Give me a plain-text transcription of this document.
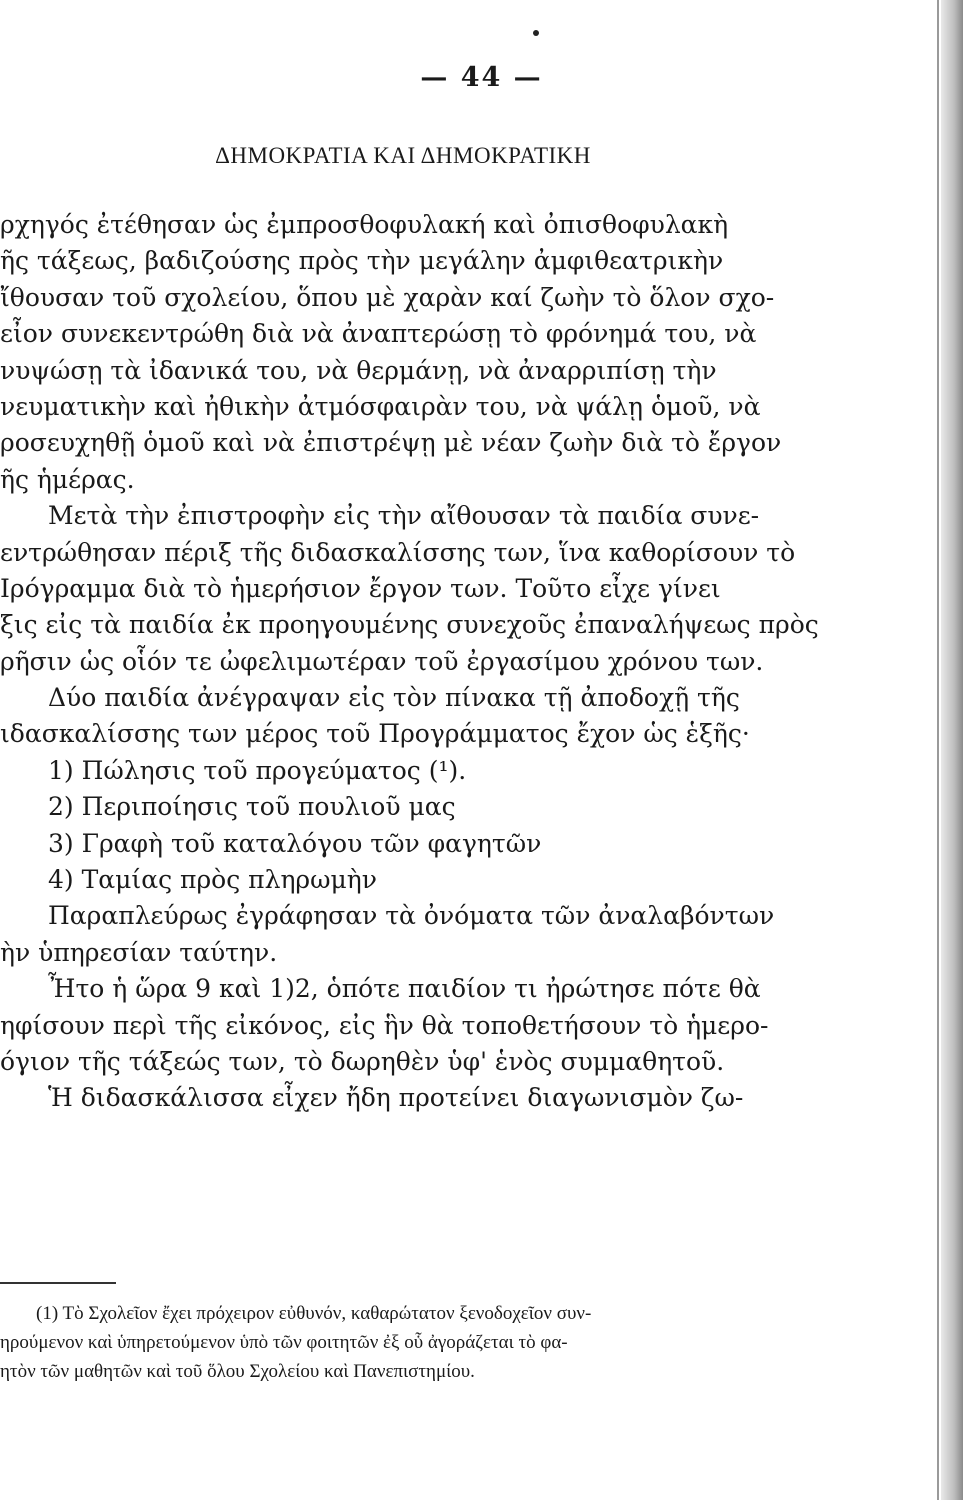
— 44 —
ΔΗΜΟΚΡΑΤΙΑ ΚΑΙ ΔΗΜΟΚΡΑΤΙΚΗ
ρχηγός ἐτέθησαν ὡς ἐμπροσθοφυλακή καὶ ὀπισθοφυλακὴ
ῆς τάξεως, βαδιζούσης πρὸς τὴν μεγάλην ἀμφιθεατρικὴν
ἴθουσαν τοῦ σχολείου, ὅπου μὲ χαρὰν καί ζωὴν τὸ ὅλον σχο-
εἶον συνεκεντρώθη διὰ νὰ ἀναπτερώσῃ τὸ φρόνημά του, νὰ
νυψώσῃ τὰ ἰδανικά του, νὰ θερμάνῃ, νὰ ἀναρριπίσῃ τὴν
νευματικὴν καὶ ἠθικὴν ἀτμόσφαιρὰν του, νὰ ψάλῃ ὁμοῦ, νὰ
ροσευχηθῇ ὁμοῦ καὶ νὰ ἐπιστρέψῃ μὲ νέαν ζωὴν διὰ τὸ ἔργον
ῆς ἡμέρας.
Μετὰ τὴν ἐπιστροφὴν εἰς τὴν αἴθουσαν τὰ παιδία συνε-
εντρώθησαν πέριξ τῆς διδασκαλίσσης των, ἵνα καθορίσουν τὸ
Ιρόγραμμα διὰ τὸ ἡμερήσιον ἔργον των. Τοῦτο εἶχε γίνει
ξις εἰς τὰ παιδία ἐκ προηγουμένης συνεχοῦς ἐπαναλήψεως πρὸς
ρῆσιν ὡς οἷόν τε ὠφελιμωτέραν τοῦ ἐργασίμου χρόνου των.
Δύο παιδία ἀνέγραψαν εἰς τὸν πίνακα τῇ ἀποδοχῇ τῆς
ιδασκαλίσσης των μέρος τοῦ Προγράμματος ἔχον ὡς ἑξῆς·
1) Πώλησις τοῦ προγεύματος (¹).
2) Περιποίησις τοῦ πουλιοῦ μας
3) Γραφὴ τοῦ καταλόγου τῶν φαγητῶν
4) Ταμίας πρὸς πληρωμὴν
Παραπλεύρως ἐγράφησαν τὰ ὀνόματα τῶν ἀναλαβόντων
ὴν ὑπηρεσίαν ταύτην.
Ἦτο ἡ ὥρα 9 καὶ 1)2, ὁπότε παιδίον τι ἠρώτησε πότε θὰ
ηφίσουν περὶ τῆς εἰκόνος, εἰς ἣν θὰ τοποθετήσουν τὸ ἡμερο-
όγιον τῆς τάξεώς των, τὸ δωρηθὲν ὑφ' ἑνὸς συμμαθητοῦ.
Ἡ διδασκάλισσα εἶχεν ἤδη προτείνει διαγωνισμὸν ζω-
(1) Τὸ Σχολεῖον ἔχει πρόχειρον εὐθυνόν, καθαρώτατον ξενοδοχεῖον συν-
ηρούμενον καὶ ὑπηρετούμενον ὑπὸ τῶν φοιτητῶν ἐξ οὗ ἀγοράζεται τὸ φα-
ητὸν τῶν μαθητῶν καὶ τοῦ ὅλου Σχολείου καὶ Πανεπιστημίου.
